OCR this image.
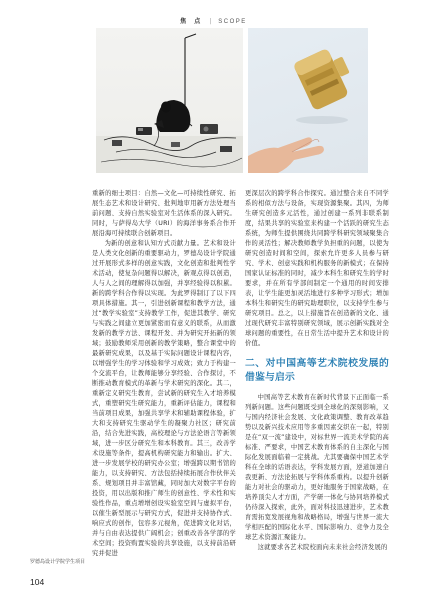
焦 点 | SCOPE

重新的细士项目：自然—文化—可持续性研究、拓展生态艺术和设计研究、批判地审用新方法处理当前问题、支持自然实验室对生活体系的深入研究。同时，与萨得岛大学（URI）的海洋事务系合作开展沿海可持续联合创新项目。

为新的创意和认知方式贡献力量。艺术和设计是人类文化创新的重要驱动力，罗德岛设计学院通过开展形式多样的创意实践，文化创造和批判性学术活动，使复杂问题得以解决，新观点得以创造，人与人之间的理解得以加强，并享经验得以积累。新的跨学科合作得以实现。为此罗得制订了以下四项具体措施。其一，引进创新课程和教学方法，通过“教学实验室”支持教学工作，促进其教学、研究与实践之间建立更加紧密而有意义的联系，从而激发新的教学方法、课程开发、并为研究开拓新的领域；鼓励教师采用创新的教学策略，整合课堂中的最新研究成果，以及基于实际问题设计课程内容，以增强学生的学习体验和学习成效；致力于构建一个交流平台，让教师能够分享经验、合作探讨，不断推动教育模式的革新与学术研究的深化。其二，重新定义研究生教育，尝试新的研究生入才培养模式，重塑研究生研究能力，重新评估能力，课程和当前项目成果，加强共享学术和辅助课程体验，扩大和支持研究生驱动学生的凝聚力社区；研究前沿，结合先进实践，高校理论与方法论语言等新领域，进一步区分研究生和本科教育。其三，改善学术设施等条件，提高机构研究能力和输出。扩大、进一步发展学校的研究办公室；增强跨以期书馆的能力，以支持研究、方法包括持续拓展合作伙伴关系、规划项目并丰富馆藏，同时加大对数字平台的投资，用以出版和推广师生的创意性、学术性和实验性作品，重点增增创设实验室空间与虚拟平台，以催生新型展示与研究方式，促进并支持协作式、响应式的创作，包容多元视角，促进跨文化对话，并与自由表达提供广阔机会；创重改善各学部的学术空间；投资购置实验的共享设施，以支持前沿研究并促进

更深层次的跨学科合作探究。通过整合来自不同学系的相似方法与设备，实现资源集聚。其四，为师生研究创造多元活性，通过创建一系列非联系制度，结果共享的实验室来构建一个活跃的研究生态系统，为师生提供围绕共同跨学科研究领域聚集合作的灵活性；解决教师教学负担重的问题，以使为研究创造时间和空间，探索允许更多人员参与研究、学术、创意实践和机构服务的新模式；在保持国家认证标准的同时，减少本科生和研究生的学时要求，并在所有学部间制定一个通用的时间安排表，让学生能更加灵活地进行多种学习形式；增加本科生和研究生的研究助理职位，以支持学生参与研究项目。总之，以上措施旨在创造新的文化、通过现代研究丰富特别研究领域，展示创新实践对全球问题的重要性，在日常生活中提升艺术和设计的价值。

二、对中国高等艺术院校发展的借鉴与启示

中国高等艺术教育在新时代背景下正面临一系列新问题。这些问题既受到全球化的深刻影响，又与国内经济社会发展、文化政策调整、教育改革趋势以及新兴技术应用等多重因素交织在一起，特别是在“双一流”建设中，对标世界一流美术学院的高标准、严要求，中国艺术教育体系的自主深化与国际化发展面临着一定挑战。尤其要确保中国艺术学科在全球的话语表达，学科发展方面，逆道加速自我更新、方法论拓展与学科体系重构。以提升创新能力对社会的驱动力，更好地服务于国家战略，在培养顶尖人才方面，产学研一体化与协同培养模式仍待深入探索，此外，面对科技迅速进步，艺术教育需拓宽发展视角和战略格局，增强与世界一流大学相匹配的国际化水平、国际影响力、竞争力及全球艺术资源汇聚能力。

这就要求各艺术院校面向未来社会经济发展的

罗德岛设计学院学生项目
104
